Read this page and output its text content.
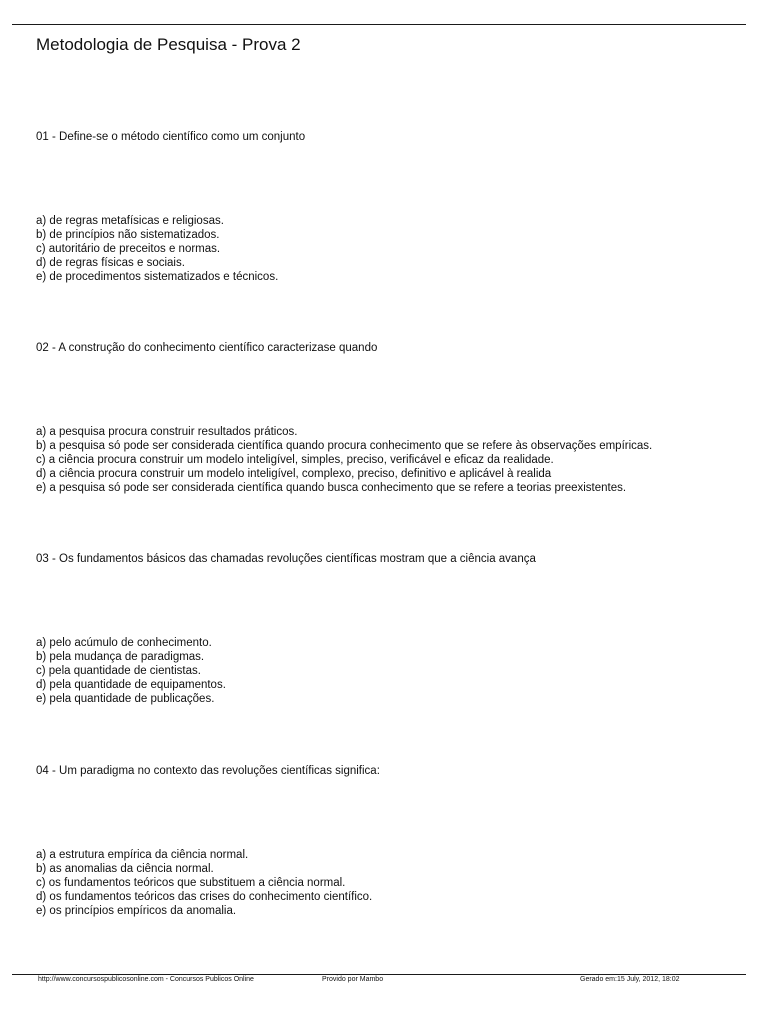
Metodologia de Pesquisa - Prova 2
01 - Define-se o método científico como um conjunto
a) de regras metafísicas e religiosas.
b) de princípios não sistematizados.
c) autoritário de preceitos e normas.
d) de regras físicas e sociais.
e) de procedimentos sistematizados e técnicos.
02 - A construção do conhecimento científico caracterizase quando
a) a pesquisa procura construir resultados práticos.
b) a pesquisa só pode ser considerada científica quando procura conhecimento que se refere às observações empíricas.
c) a ciência procura construir um modelo inteligível, simples, preciso, verificável e eficaz da realidade.
d) a ciência procura construir um modelo inteligível, complexo, preciso, definitivo e aplicável à realida
e) a pesquisa só pode ser considerada científica quando busca conhecimento que se refere a teorias preexistentes.
03 - Os fundamentos básicos das chamadas revoluções científicas mostram que a ciência avança
a) pelo acúmulo de conhecimento.
b) pela mudança de paradigmas.
c) pela quantidade de cientistas.
d) pela quantidade de equipamentos.
e) pela quantidade de publicações.
04 - Um paradigma no contexto das revoluções científicas significa:
a) a estrutura empírica da ciência normal.
b) as anomalias da ciência normal.
c) os fundamentos teóricos que substituem a ciência normal.
d) os fundamentos teóricos das crises do conhecimento científico.
e) os princípios empíricos da anomalia.
http://www.concursospublicosonline.com - Concursos Publicos Online	Provido por Mambo	Gerado em:15 July, 2012, 18:02
